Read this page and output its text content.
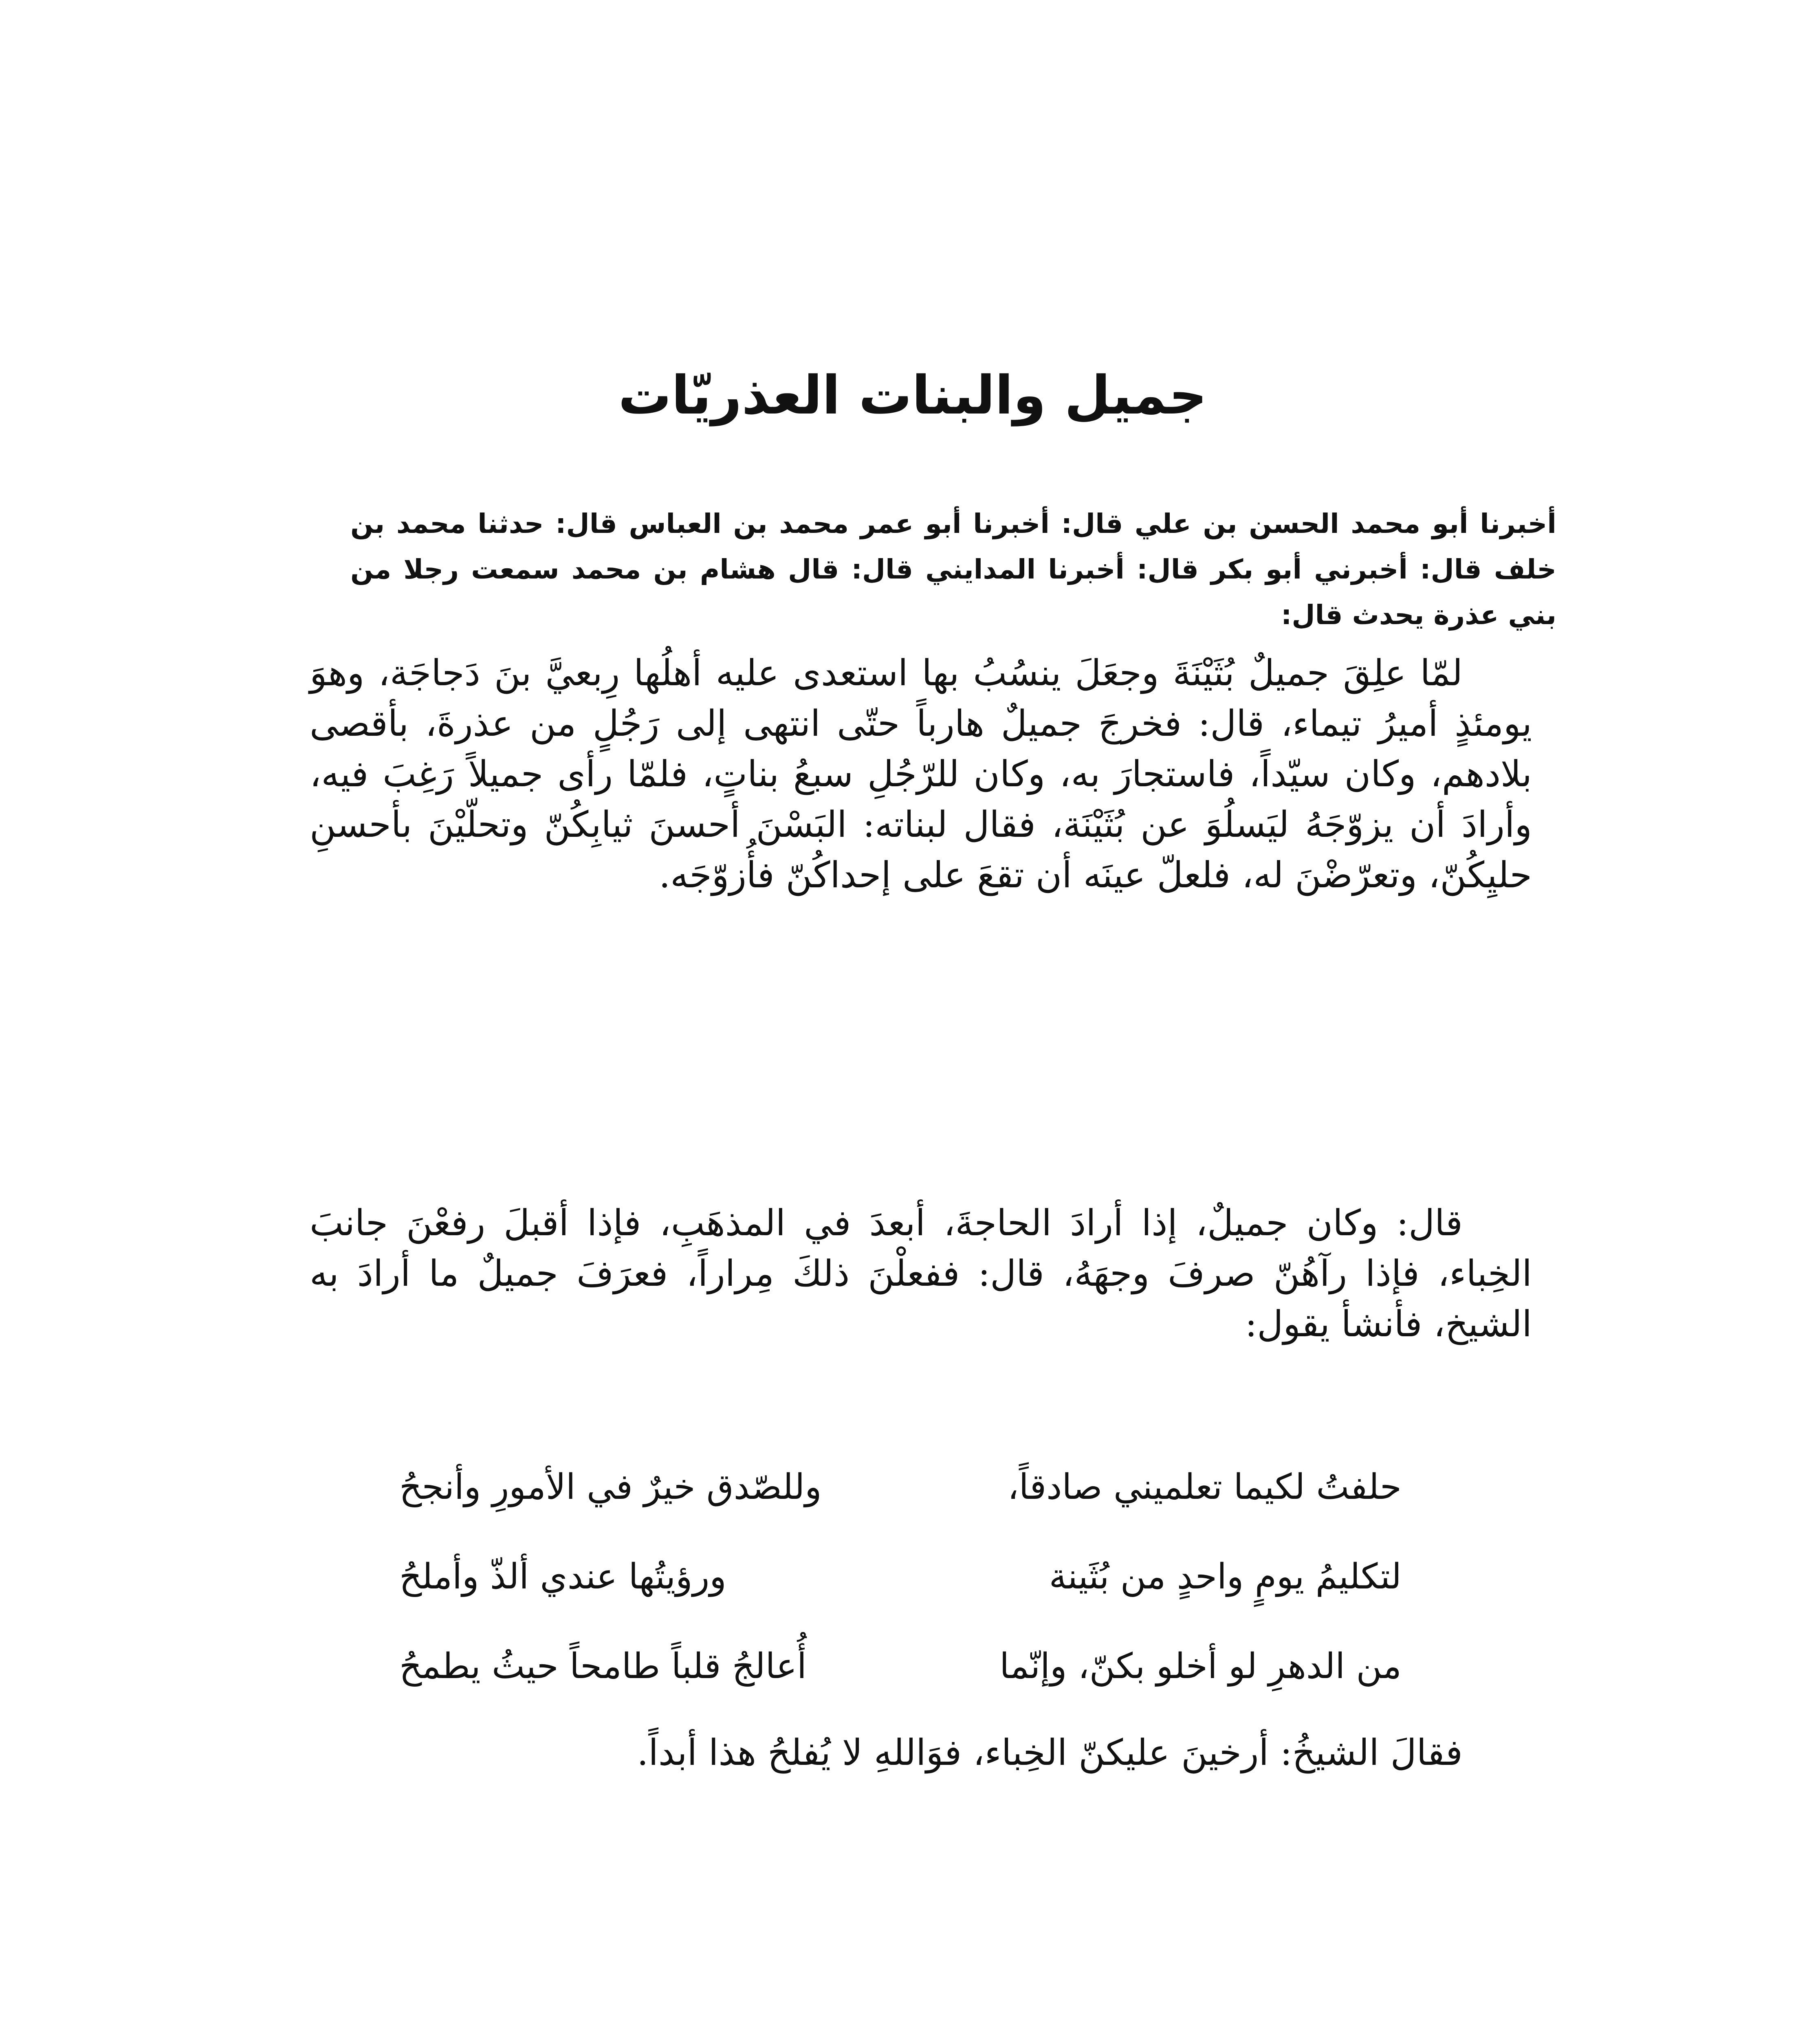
جميل والبنات العذريّات
أخبرنا أبو محمد الحسن بن علي قال: أخبرنا أبو عمر محمد بن العباس قال: حدثنا محمد بن خلف قال: أخبرني أبو بكر قال: أخبرنا المدايني قال: قال هشام بن محمد سمعت رجلا من بني عذرة يحدث قال:
لمّا علِقَ جميلٌ بُثَيْنَةَ وجعَلَ ينسُبُ بها استعدى عليه أهلُها رِبعيَّ بنَ دَجاجَة، وهوَ يومئذٍ أميرُ تيماء، قال: فخرجَ جميلٌ هارباً حتّى انتهى إلى رَجُلٍ من عذرةَ، بأقصى بلادهم، وكان سيّداً، فاستجارَ به، وكان للرّجُلِ سبعُ بناتٍ، فلمّا رأى جميلاً رَغِبَ فيه، وأرادَ أن يزوّجَهُ ليَسلُوَ عن بُثَيْنَة، فقال لبناته: البَسْنَ أحسنَ ثيابِكُنّ وتحلّيْنَ بأحسنِ حليِكُنّ، وتعرّضْنَ له، فلعلّ عينَه أن تقعَ على إحداكُنّ فأُزوّجَه.
قال: وكان جميلٌ، إذا أرادَ الحاجةَ، أبعدَ في المذهَبِ، فإذا أقبلَ رفعْنَ جانبَ الخِباء، فإذا رآهُنّ صرفَ وجهَهُ، قال: ففعلْنَ ذلكَ مِراراً، فعرَفَ جميلٌ ما أرادَ به الشيخ، فأنشأ يقول:
حلفتُ لكيما تعلميني صادقاً،
وللصّدق خيرٌ في الأمورِ وأنجحُ
لتكليمُ يومٍ واحدٍ من بُثَينة
ورؤيتُها عندي ألذّ وأملحُ
من الدهرِ لو أخلو بكنّ، وإنّما
أُعالجُ قلباً طامحاً حيثُ يطمحُ
فقالَ الشيخُ: أرخينَ عليكنّ الخِباء، فوَاللهِ لا يُفلحُ هذا أبداً.
